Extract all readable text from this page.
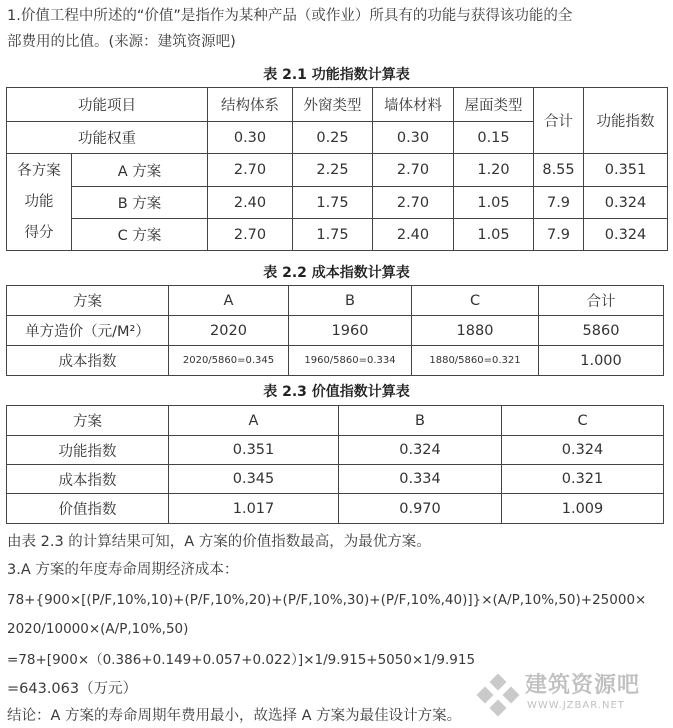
1.价值工程中所述的“价值”是指作为某种产品（或作业）所具有的功能与获得该功能的全
部费用的比值。(来源：建筑资源吧)
表 2.1 功能指数计算表
功能项目		结构体系	外窗类型	墙体材料	屋面类型	合计	功能指数
功能权重		0.30	0.25	0.30	0.15		

各方案
功能
得分	A 方案	2.70	2.25	2.70	1.20	8.55	0.351
	B 方案	2.40	1.75	2.70	1.05	7.9	0.324
	C 方案	2.70	1.75	2.40	1.05	7.9	0.324
表 2.2 成本指数计算表
方案	A	B	C	合计
单方造价（元/M²）	2020	1960	1880	5860
成本指数	2020/5860=0.345	1960/5860=0.334	1880/5860=0.321	1.000
表 2.3 价值指数计算表
方案	A	B	C
功能指数	0.351	0.324	0.324
成本指数	0.345	0.334	0.321
价值指数	1.017	0.970	1.009
由表 2.3 的计算结果可知，A 方案的价值指数最高，为最优方案。
3.A 方案的年度寿命周期经济成本：
78+{900×[(P/F,10%,10)+(P/F,10%,20)+(P/F,10%,30)+(P/F,10%,40)]}×(A/P,10%,50)+25000×
2020/10000×(A/P,10%,50)
=78+[900×（0.386+0.149+0.057+0.022）]×1/9.915+5050×1/9.915
=643.063（万元）
结论：A 方案的寿命周期年费用最小，故选择 A 方案为最佳设计方案。
建筑资源吧
WWW.JZBAR.NET
